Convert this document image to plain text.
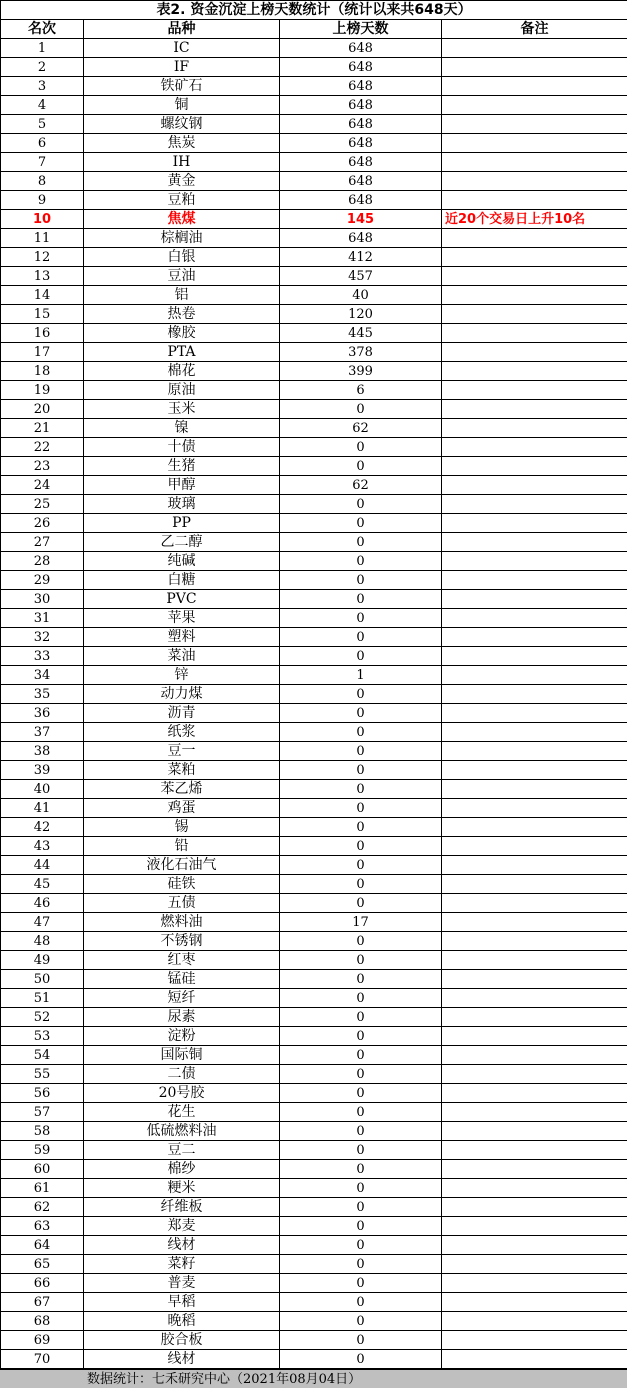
表2. 资金沉淀上榜天数统计（统计以来共648天）			
名次	品种	上榜天数	备注
1	IC	648	
2	IF	648	
3	铁矿石	648	
4	铜	648	
5	螺纹钢	648	
6	焦炭	648	
7	IH	648	
8	黄金	648	
9	豆粕	648	
10	焦煤	145	近20个交易日上升10名
11	棕榈油	648	
12	白银	412	
13	豆油	457	
14	铝	40	
15	热卷	120	
16	橡胶	445	
17	PTA	378	
18	棉花	399	
19	原油	6	
20	玉米	0	
21	镍	62	
22	十债	0	
23	生猪	0	
24	甲醇	62	
25	玻璃	0	
26	PP	0	
27	乙二醇	0	
28	纯碱	0	
29	白糖	0	
30	PVC	0	
31	苹果	0	
32	塑料	0	
33	菜油	0	
34	锌	1	
35	动力煤	0	
36	沥青	0	
37	纸浆	0	
38	豆一	0	
39	菜粕	0	
40	苯乙烯	0	
41	鸡蛋	0	
42	锡	0	
43	铅	0	
44	液化石油气	0	
45	硅铁	0	
46	五债	0	
47	燃料油	17	
48	不锈钢	0	
49	红枣	0	
50	锰硅	0	
51	短纤	0	
52	尿素	0	
53	淀粉	0	
54	国际铜	0	
55	二债	0	
56	20号胶	0	
57	花生	0	
58	低硫燃料油	0	
59	豆二	0	
60	棉纱	0	
61	粳米	0	
62	纤维板	0	
63	郑麦	0	
64	线材	0	
65	菜籽	0	
66	普麦	0	
67	早稻	0	
68	晚稻	0	
69	胶合板	0	
70	线材	0	
数据统计：七禾研究中心（2021年08月04日）
